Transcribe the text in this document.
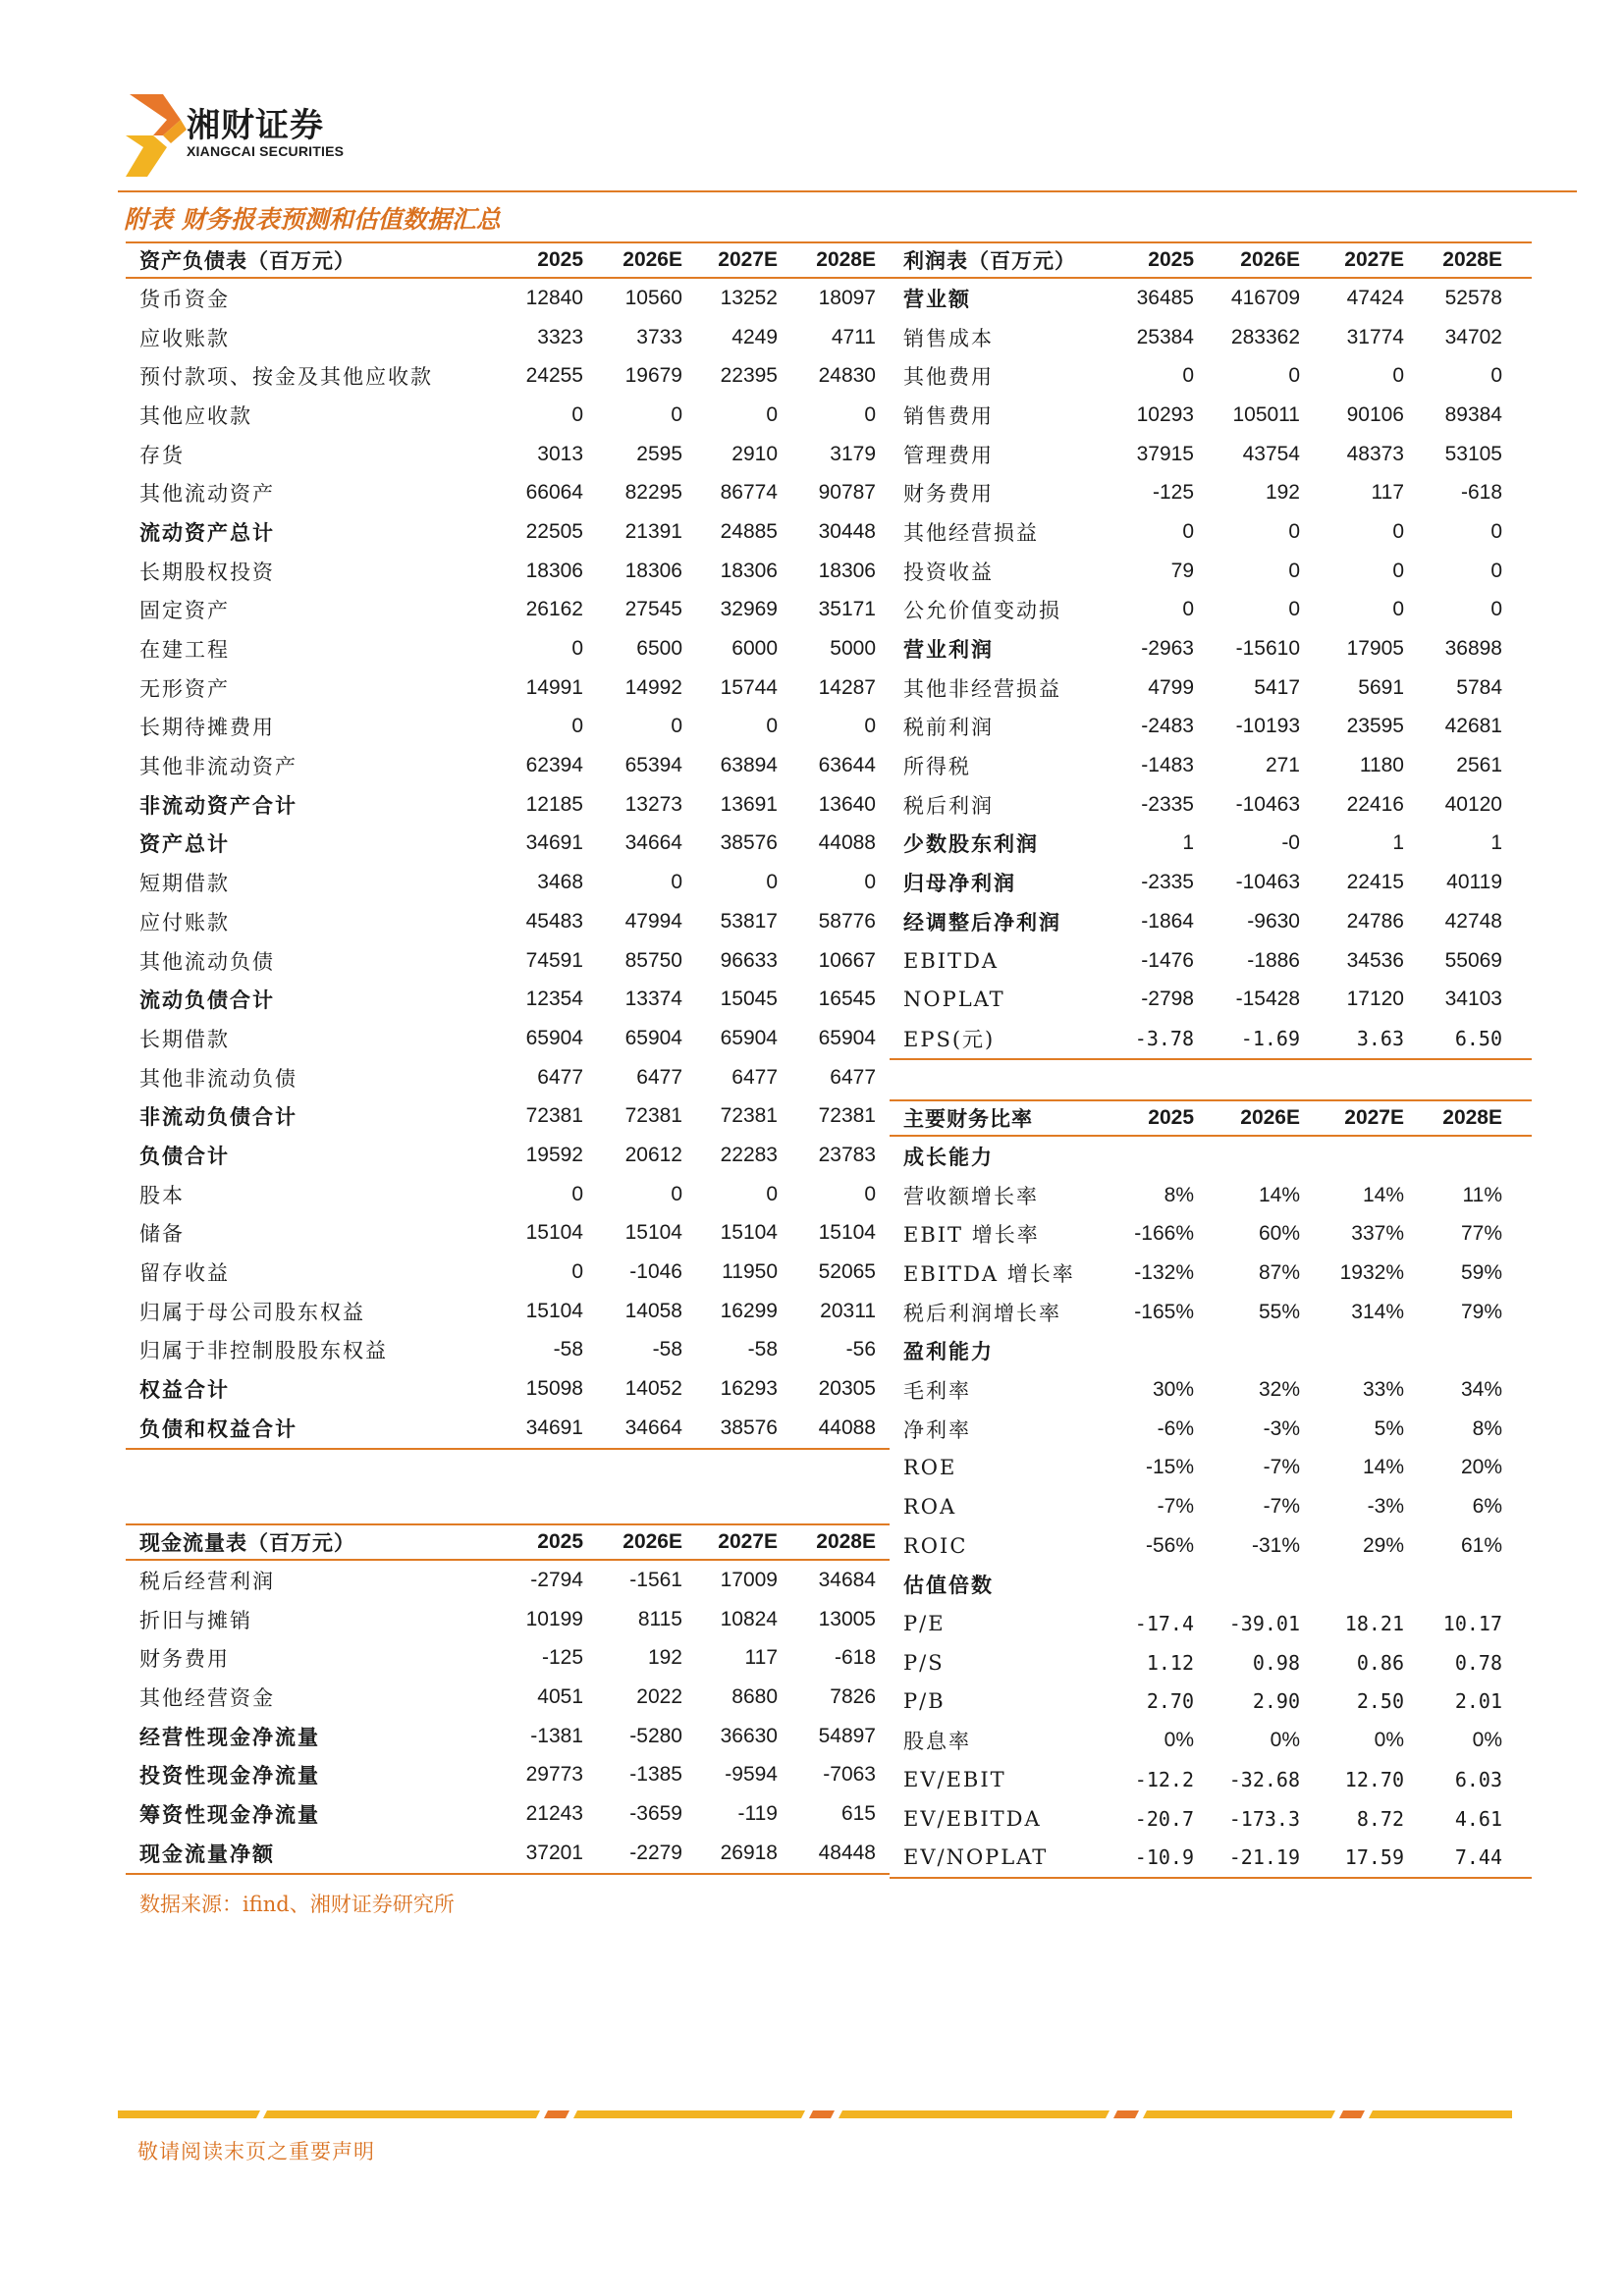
湘财证券
XIANGCAI SECURITIES
附表 财务报表预测和估值数据汇总
资产负债表（百万元）	2025 2026E 2027E 2028E
货币资金	12840 10560 13252 18097
应收账款	3323	3733 4249	4711
预付款项、按金及其他应收款	24255 19679 22395 24830
其他应收款	0	0	0	0
存货	3013	2595 2910	3179
其他流动资产	66064 82295 86774 90787
流动资产总计	22505 21391 24885 30448
长期股权投资	18306 18306 18306 18306
固定资产	26162 27545 32969 35171
在建工程	0	6500 6000	5000
无形资产	14991 14992 15744 14287
长期待摊费用	0	0	0	0
其他非流动资产	62394 65394 63894 63644
非流动资产合计	12185 13273 13691 13640
资产总计	34691 34664 38576 44088
短期借款	3468	0	0	0
应付账款	45483 47994 53817 58776
其他流动负债	74591 85750 96633 10667
流动负债合计	12354 13374 15045 16545
长期借款	65904 65904 65904 65904
其他非流动负债	6477	6477 6477	6477
非流动负债合计	72381 72381 72381 72381
负债合计	19592 20612 22283 23783
股本	0	0	0	0
储备	15104 15104 15104 15104
留存收益	0 -1046 11950 52065
归属于母公司股东权益	15104 14058 16299 20311
归属于非控制股股东权益	-58	-58	-58	-56
权益合计	15098 14052 16293 20305
负债和权益合计	34691 34664 38576 44088
现金流量表（百万元）	2025 2026E 2027E 2028E
税后经营利润	-2794 -1561 17009 34684
折旧与摊销	10199	8115 10824 13005
财务费用	-125	192	117	-618
其他经营资金	4051	2022 8680	7826
经营性现金净流量	-1381 -5280 36630 54897
投资性现金净流量	29773 -1385 -9594 -7063
筹资性现金净流量	21243 -3659	-119	615
现金流量净额	37201 -2279 26918 48448
利润表（百万元）	2025 2026E 2027E 2028E
营业额	36485 416709 47424 52578
销售成本	25384 283362 31774 34702
其他费用	0	0	0	0
销售费用	10293 105011 90106 89384
管理费用	37915 43754 48373 53105
财务费用	-125	192	117	-618
其他经营损益	0	0	0	0
投资收益	79	0	0	0
公允价值变动损	0	0	0	0
营业利润	-2963 -15610 17905 36898
其他非经营损益	4799	5417	5691	5784
税前利润	-2483 -10193 23595 42681
所得税	-1483	271	1180	2561
税后利润	-2335 -10463 22416 40120
少数股东利润	1	-0	1	1
归母净利润	-2335 -10463 22415 40119
经调整后净利润	-1864	-9630 24786 42748
EBITDA	-1476	-1886 34536 55069
NOPLAT	-2798 -15428 17120 34103
EPS(元)	-3.78 -1.69	3.63	6.50
主要财务比率	2025 2026E 2027E 2028E
成长能力
营收额增长率	8%	14%	14%	11%
EBIT 增长率	-166%	60% 337%	77%
EBITDA 增长率	-132%	87% 1932%	59%
税后利润增长率	-165%	55% 314%	79%
盈利能力
毛利率	30%	32%	33%	34%
净利率	-6%	-3%	5%	8%
ROE	-15%	-7%	14%	20%
ROA	-7%	-7%	-3%	6%
ROIC	-56%	-31%	29%	61%
估值倍数
P/E	-17.4 -39.01 18.21 10.17
P/S	1.12	0.98	0.86	0.78
P/B	2.70	2.90	2.50	2.01
股息率	0%	0%	0%	0%
EV/EBIT	-12.2 -32.68 12.70	6.03
EV/EBITDA	-20.7 -173.3	8.72	4.61
EV/NOPLAT	-10.9 -21.19 17.59	7.44
数据来源：ifind、湘财证券研究所
敬请阅读末页之重要声明
